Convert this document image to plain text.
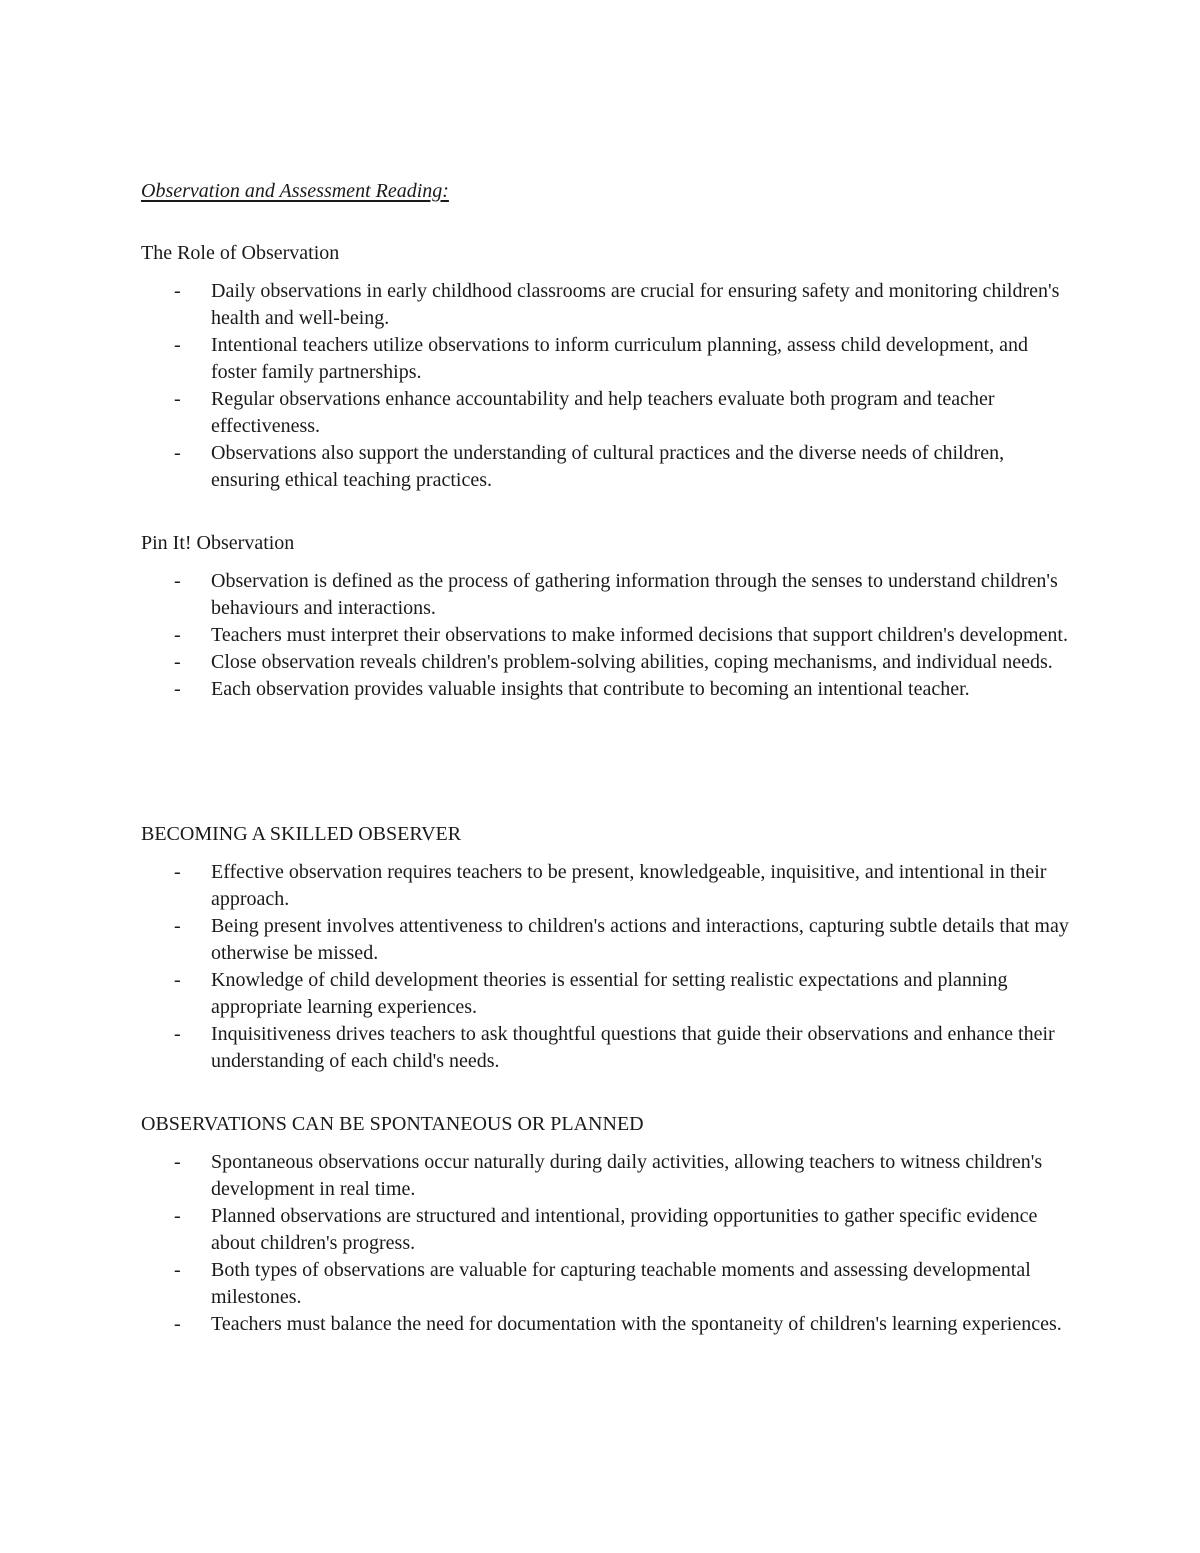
Observation and Assessment Reading:
The Role of Observation
-	Daily observations in early childhood classrooms are crucial for ensuring safety and monitoring children's health and well-being.
-	Intentional teachers utilize observations to inform curriculum planning, assess child development, and foster family partnerships.
-	Regular observations enhance accountability and help teachers evaluate both program and teacher effectiveness.
-	Observations also support the understanding of cultural practices and the diverse needs of children, ensuring ethical teaching practices.
Pin It! Observation
-	Observation is defined as the process of gathering information through the senses to understand children's behaviours and interactions.
-	Teachers must interpret their observations to make informed decisions that support children's development.
-	Close observation reveals children's problem-solving abilities, coping mechanisms, and individual needs.
-	Each observation provides valuable insights that contribute to becoming an intentional teacher.
BECOMING A SKILLED OBSERVER
-	Effective observation requires teachers to be present, knowledgeable, inquisitive, and intentional in their approach.
-	Being present involves attentiveness to children's actions and interactions, capturing subtle details that may otherwise be missed.
-	Knowledge of child development theories is essential for setting realistic expectations and planning appropriate learning experiences.
-	Inquisitiveness drives teachers to ask thoughtful questions that guide their observations and enhance their understanding of each child's needs.
OBSERVATIONS CAN BE SPONTANEOUS OR PLANNED
-	Spontaneous observations occur naturally during daily activities, allowing teachers to witness children's development in real time.
-	Planned observations are structured and intentional, providing opportunities to gather specific evidence about children's progress.
-	Both types of observations are valuable for capturing teachable moments and assessing developmental milestones.
-	Teachers must balance the need for documentation with the spontaneity of children's learning experiences.
